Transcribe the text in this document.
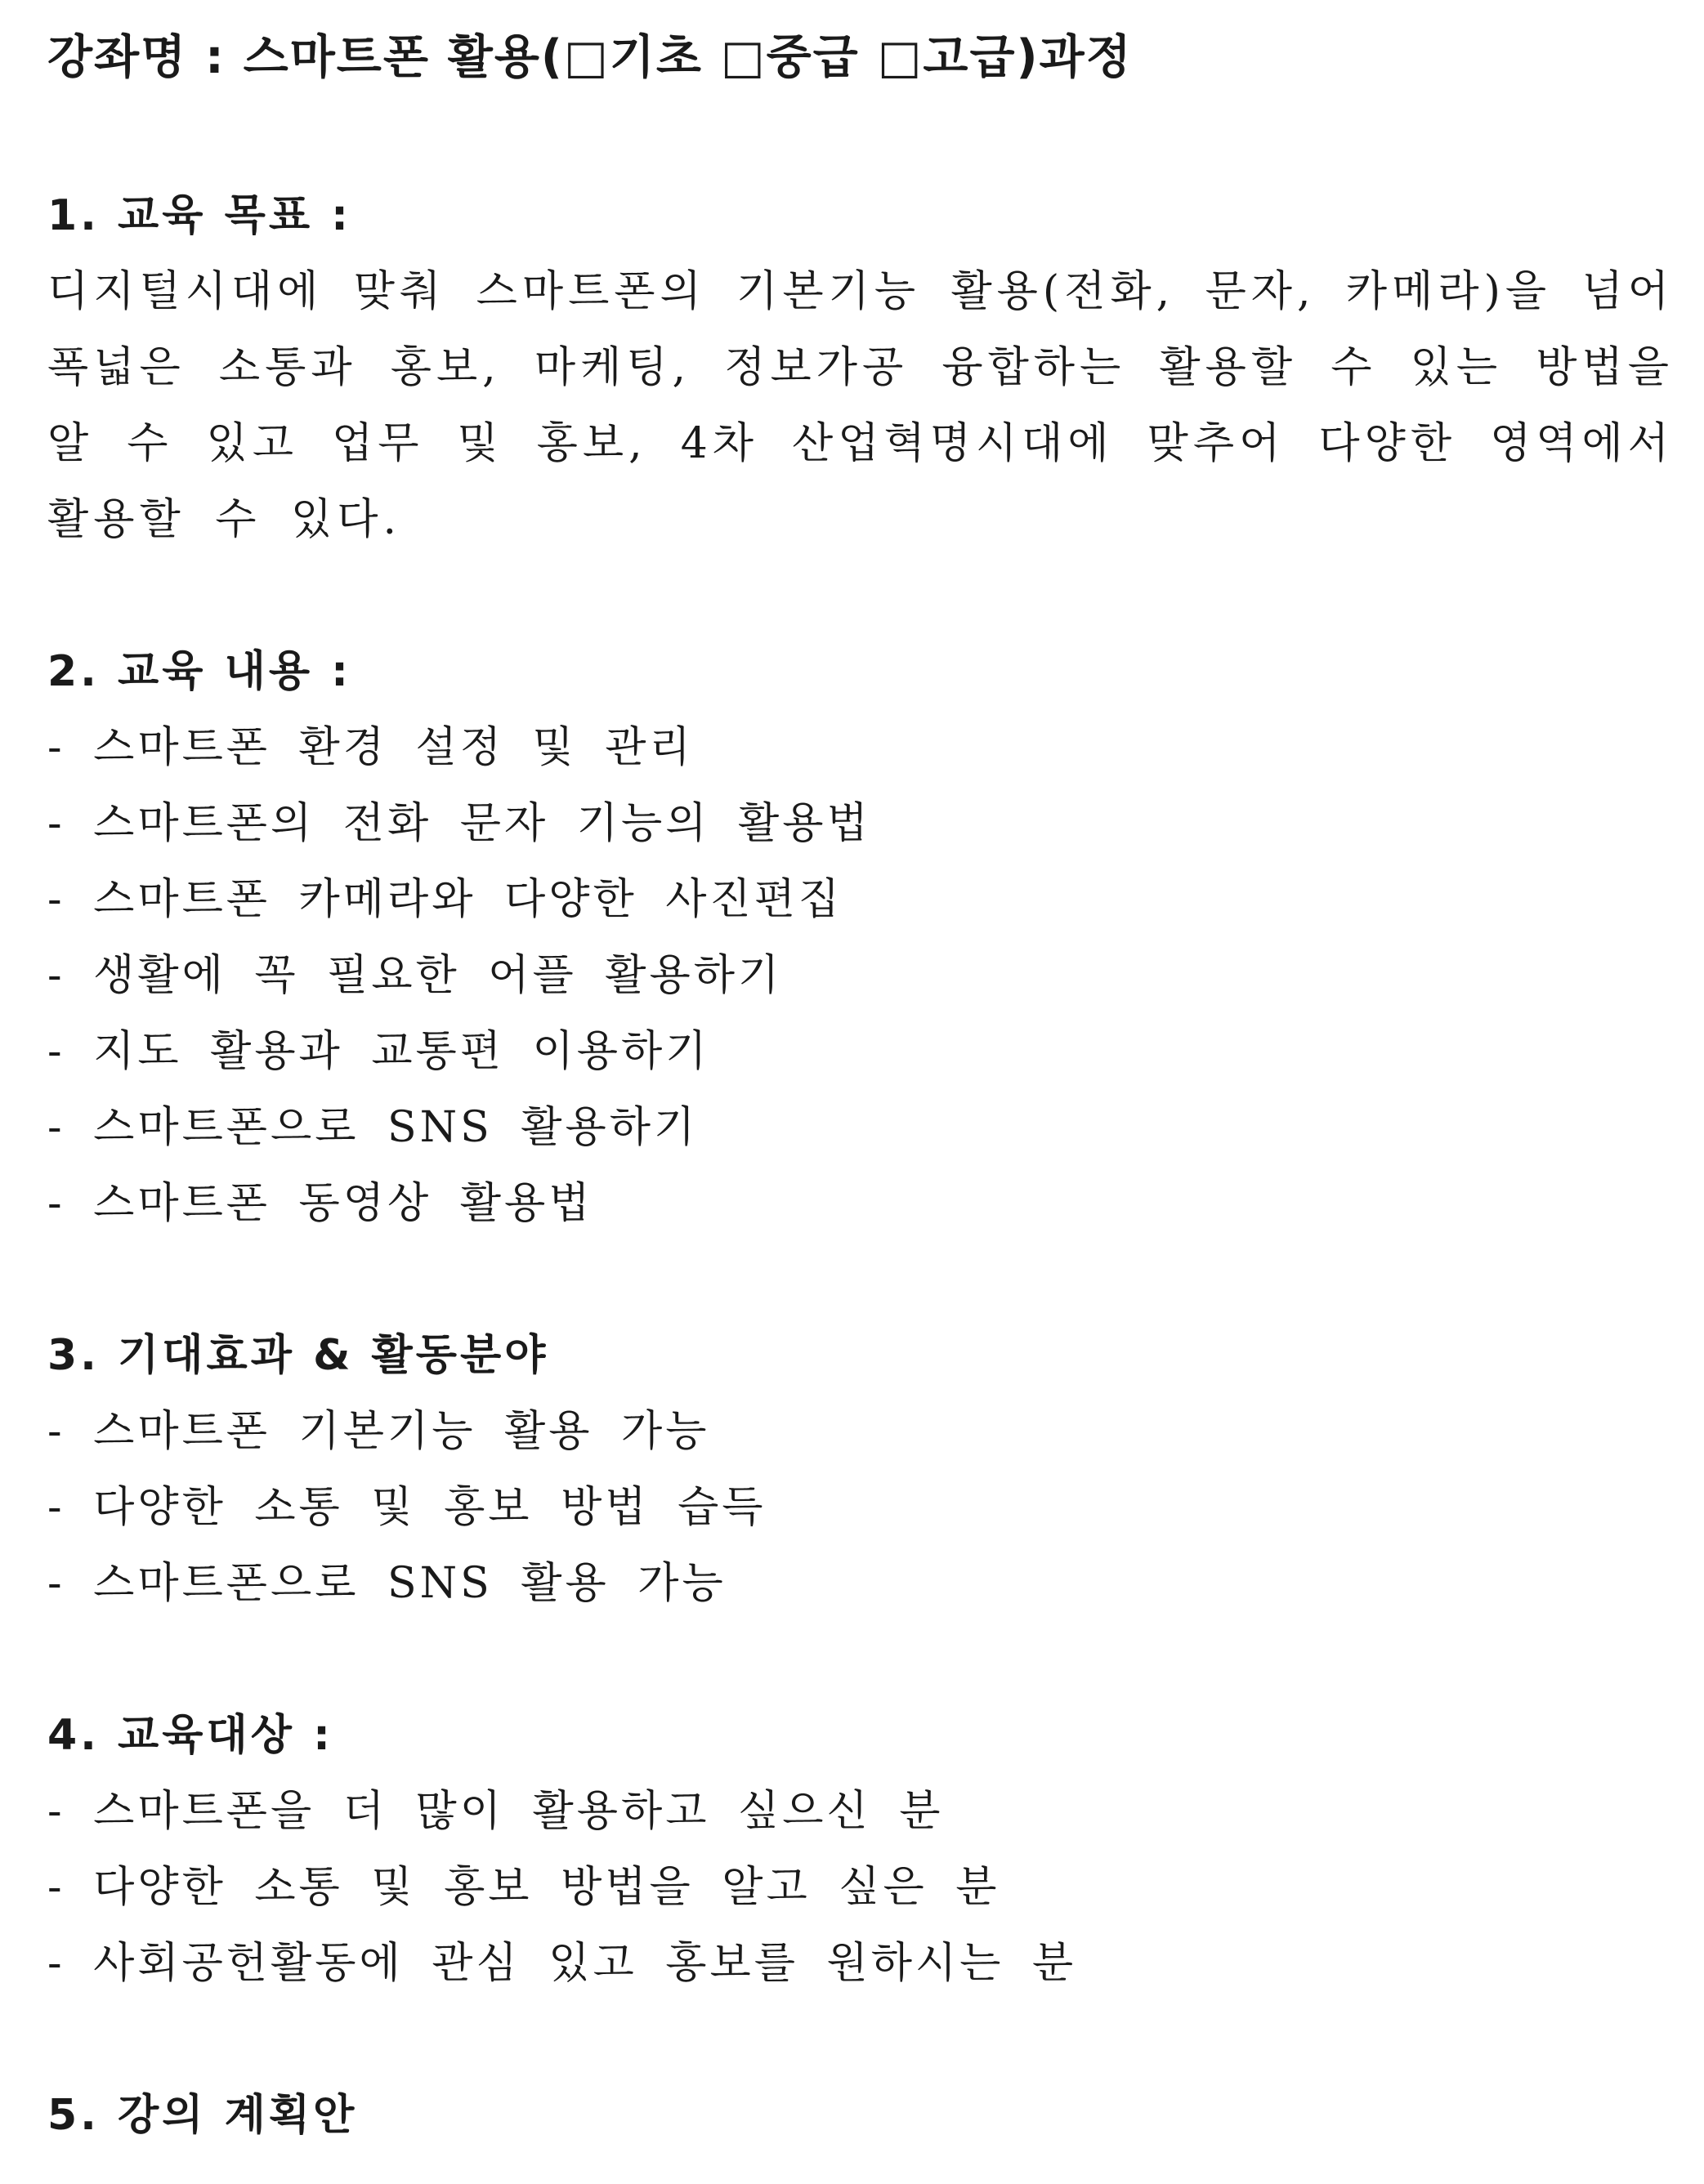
강좌명 : 스마트폰 활용(□기초 □중급 □고급)과정
1. 교육 목표 :

디지털시대에 맞춰 스마트폰의 기본기능 활용(전화, 문자, 카메라)을 넘어 폭넓은 소통과 홍보, 마케팅, 정보가공 융합하는 활용할 수 있는 방법을 알 수 있고 업무 및 홍보, 4차 산업혁명시대에 맞추어 다양한 영역에서 활용할 수 있다.

2. 교육 내용 :
- 스마트폰 환경 설정 및 관리
- 스마트폰의 전화 문자 기능의 활용법
- 스마트폰 카메라와 다양한 사진편집
- 생활에 꼭 필요한 어플 활용하기
- 지도 활용과 교통편 이용하기
- 스마트폰으로 SNS 활용하기
- 스마트폰 동영상 활용법
3. 기대효과 & 활동분야
- 스마트폰 기본기능 활용 가능
- 다양한 소통 및 홍보 방법 습득
- 스마트폰으로 SNS 활용 가능
4. 교육대상 :
- 스마트폰을 더 많이 활용하고 싶으신 분
- 다양한 소통 및 홍보 방법을 알고 싶은 분
- 사회공헌활동에 관심 있고 홍보를 원하시는 분
5. 강의 계획안
